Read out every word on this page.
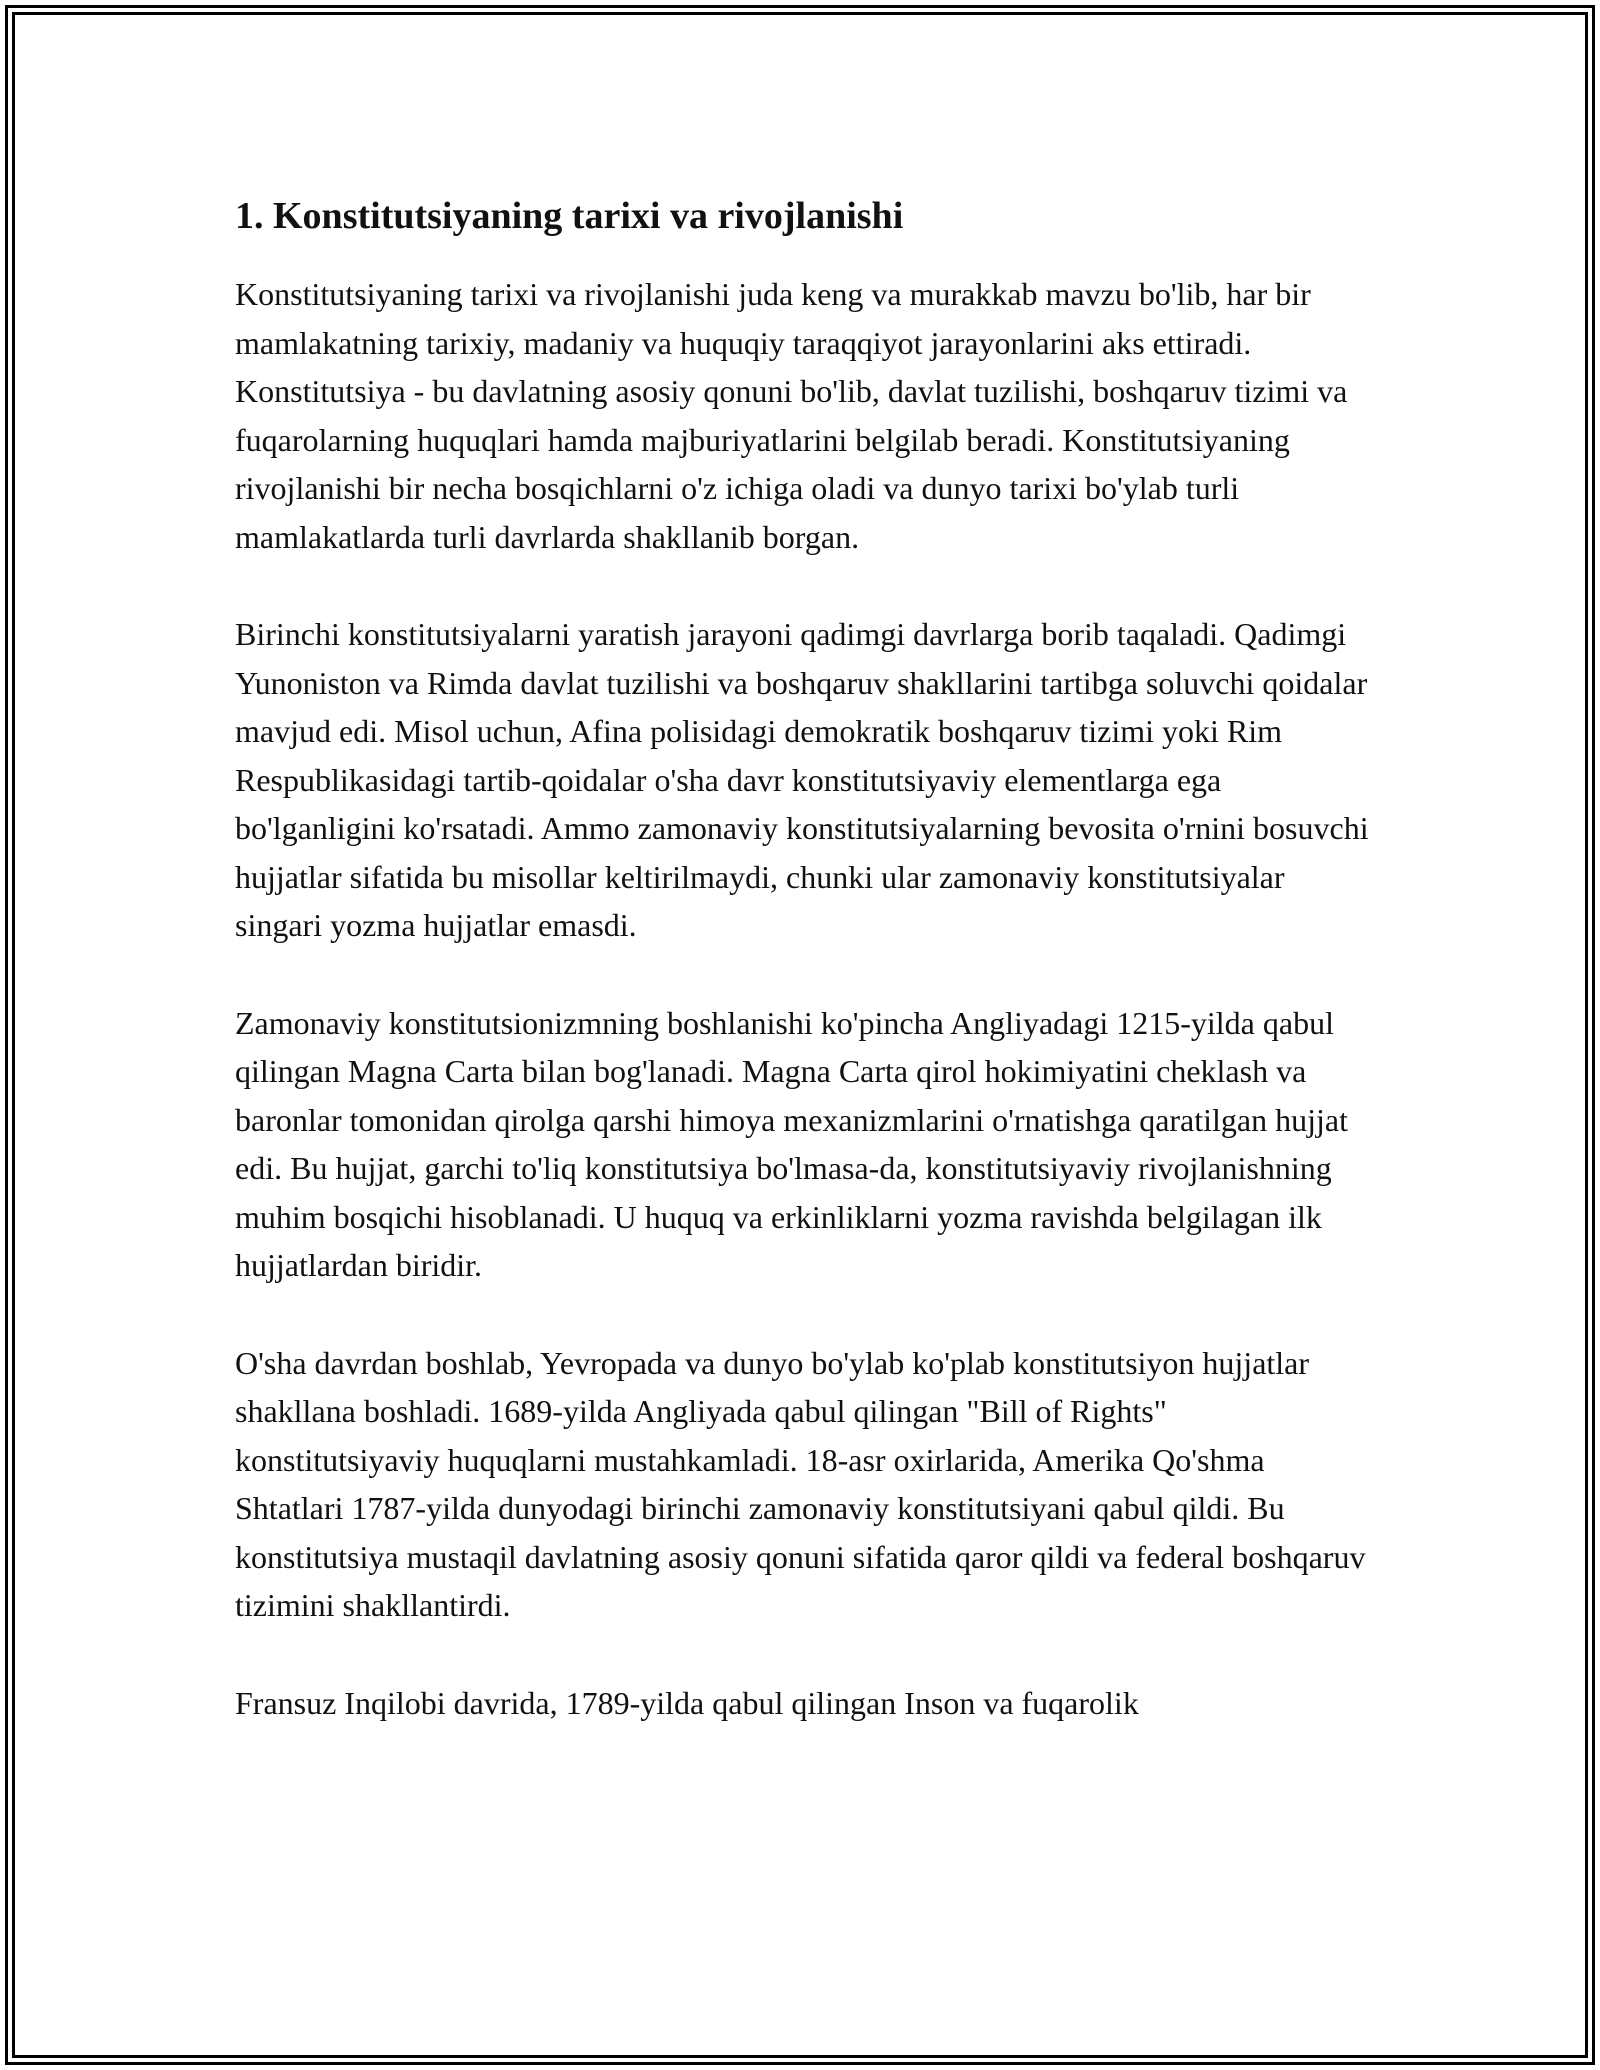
1. Konstitutsiyaning tarixi va rivojlanishi

Konstitutsiyaning tarixi va rivojlanishi juda keng va murakkab mavzu bo'lib, har bir mamlakatning tarixiy, madaniy va huquqiy taraqqiyot jarayonlarini aks ettiradi. Konstitutsiya - bu davlatning asosiy qonuni bo'lib, davlat tuzilishi, boshqaruv tizimi va fuqarolarning huquqlari hamda majburiyatlarini belgilab beradi. Konstitutsiyaning rivojlanishi bir necha bosqichlarni o'z ichiga oladi va dunyo tarixi bo'ylab turli mamlakatlarda turli davrlarda shakllanib borgan.

Birinchi konstitutsiyalarni yaratish jarayoni qadimgi davrlarga borib taqaladi. Qadimgi Yunoniston va Rimda davlat tuzilishi va boshqaruv shakllarini tartibga soluvchi qoidalar mavjud edi. Misol uchun, Afina polisidagi demokratik boshqaruv tizimi yoki Rim Respublikasidagi tartib-qoidalar o'sha davr konstitutsiyaviy elementlarga ega bo'lganligini ko'rsatadi. Ammo zamonaviy konstitutsiyalarning bevosita o'rnini bosuvchi hujjatlar sifatida bu misollar keltirilmaydi, chunki ular zamonaviy konstitutsiyalar singari yozma hujjatlar emasdi.

Zamonaviy konstitutsionizmning boshlanishi ko'pincha Angliyadagi 1215-yilda qabul qilingan Magna Carta bilan bog'lanadi. Magna Carta qirol hokimiyatini cheklash va baronlar tomonidan qirolga qarshi himoya mexanizmlarini o'rnatishga qaratilgan hujjat edi. Bu hujjat, garchi to'liq konstitutsiya bo'lmasa-da, konstitutsiyaviy rivojlanishning muhim bosqichi hisoblanadi. U huquq va erkinliklarni yozma ravishda belgilagan ilk hujjatlardan biridir.

O'sha davrdan boshlab, Yevropada va dunyo bo'ylab ko'plab konstitutsiyon hujjatlar shakllana boshladi. 1689-yilda Angliyada qabul qilingan "Bill of Rights" konstitutsiyaviy huquqlarni mustahkamladi. 18-asr oxirlarida, Amerika Qo'shma Shtatlari 1787-yilda dunyodagi birinchi zamonaviy konstitutsiyani qabul qildi. Bu konstitutsiya mustaqil davlatning asosiy qonuni sifatida qaror qildi va federal boshqaruv tizimini shakllantirdi.

Fransuz Inqilobi davrida, 1789-yilda qabul qilingan Inson va fuqarolik
